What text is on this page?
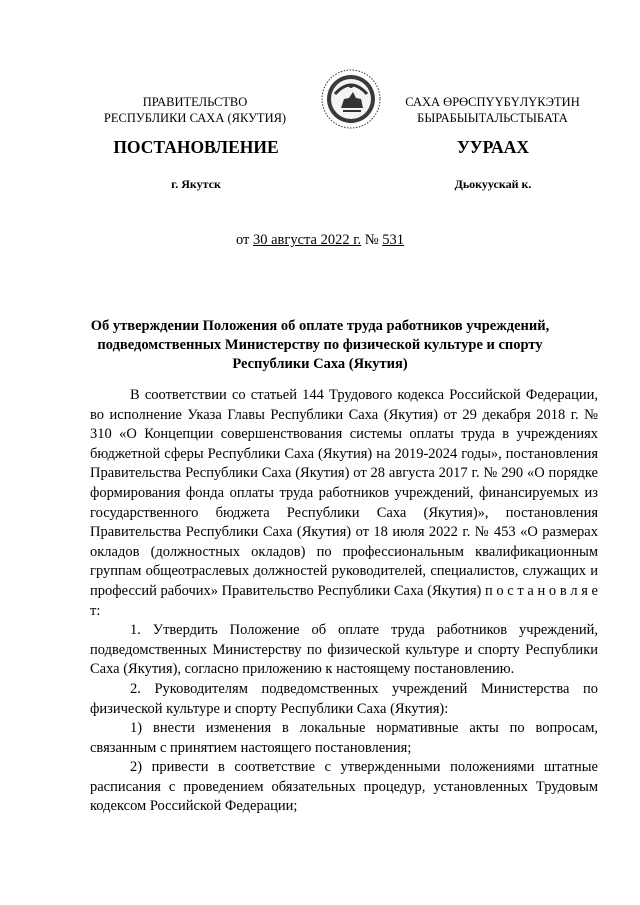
ПРАВИТЕЛЬСТВО
РЕСПУБЛИКИ САХА (ЯКУТИЯ)
САХА ӨРӨСПҮҮБҮЛҮКЭТИН
БЫРАБЫЫТАЛЬСТЫБАТА
ПОСТАНОВЛЕНИЕ	УУРААХ
г. Якутск	Дьокуускай к.
от 30 августа 2022 г. № 531
Об утверждении Положения об оплате труда работников учреждений, подведомственных Министерству по физической культуре и спорту Республики Саха (Якутия)

В соответствии со статьей 144 Трудового кодекса Российской Федерации, во исполнение Указа Главы Республики Саха (Якутия) от 29 декабря 2018 г. № 310 «О Концепции совершенствования системы оплаты труда в учреждениях бюджетной сферы Республики Саха (Якутия) на 2019-2024 годы», постановления Правительства Республики Саха (Якутия) от 28 августа 2017 г. № 290 «О порядке формирования фонда оплаты труда работников учреждений, финансируемых из государственного бюджета Республики Саха (Якутия)», постановления Правительства Республики Саха (Якутия) от 18 июля 2022 г. № 453 «О размерах окладов (должностных окладов) по профессиональным квалификационным группам общеотраслевых должностей руководителей, специалистов, служащих и профессий рабочих» Правительство Республики Саха (Якутия) п о с т а н о в л я е т:

1. Утвердить Положение об оплате труда работников учреждений, подведомственных Министерству по физической культуре и спорту Республики Саха (Якутия), согласно приложению к настоящему постановлению.

2. Руководителям подведомственных учреждений Министерства по физической культуре и спорту Республики Саха (Якутия):

1) внести изменения в локальные нормативные акты по вопросам, связанным с принятием настоящего постановления;

2) привести в соответствие с утвержденными положениями штатные расписания с проведением обязательных процедур, установленных Трудовым кодексом Российской Федерации;
